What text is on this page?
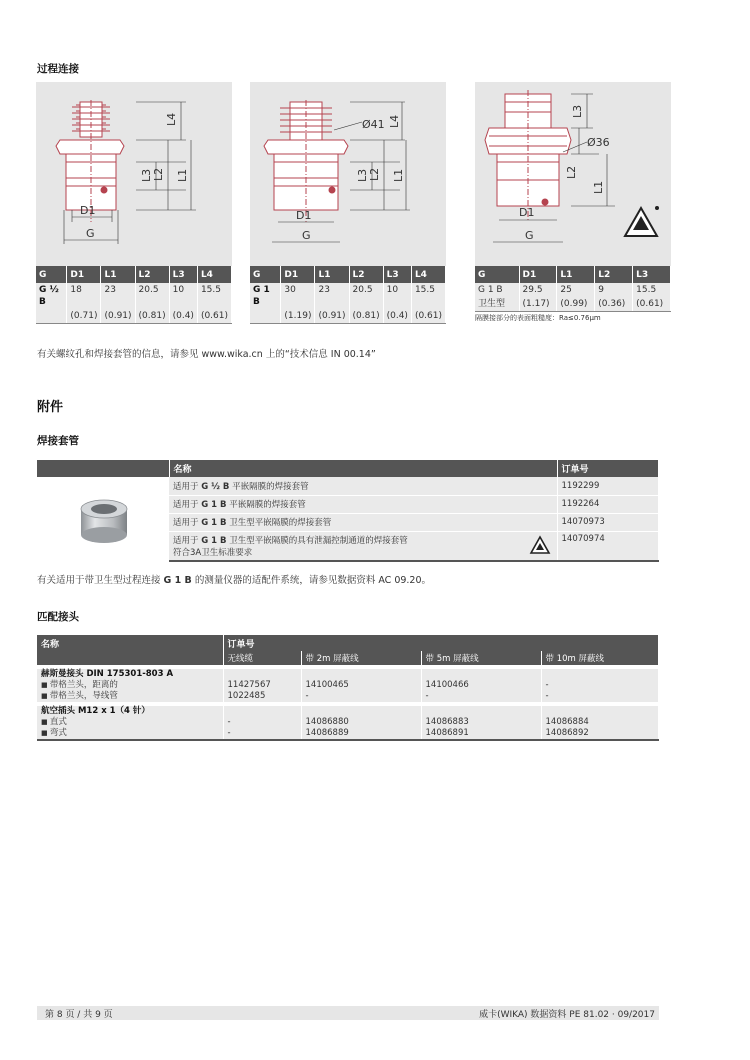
过程连接
L4
L2 L1
L3
D1
G
G	D1	L1	L2	L3	L4
G ½ B	18	23	20.5	10	15.5
	(0.71)	(0.91)	(0.81)	(0.4)	(0.61)
Ø41 L4
L2 L1
L3
D1
G
G	D1	L1	L2	L3	L4
G 1 B	30	23	20.5	10	15.5
	(1.19)	(0.91)	(0.81)	(0.4)	(0.61)
L3
Ø36
L2
L1
D1
G
G	D1	L1	L2	L3
G 1 B	29.5	25	9	15.5
卫生型	(1.17)	(0.99)	(0.36)	(0.61)
隔膜接部分的表面粗糙度：Ra≤0.76μm
有关螺纹孔和焊接套管的信息，请参见 www.wika.cn 上的“技术信息 IN 00.14”
附件
焊接套管
	名称	订单号
	适用于 G ½ B 平嵌隔膜的焊接套管	1192299
	适用于 G 1 B 平嵌隔膜的焊接套管	1192264
	适用于 G 1 B 卫生型平嵌隔膜的焊接套管	14070973

	适用于 G 1 B 卫生型平嵌隔膜的具有泄漏控制通道的焊接套管
符合3A卫生标准要求	14070974
有关适用于带卫生型过程连接 G 1 B 的测量仪器的适配件系统，请参见数据资料 AC 09.20。
匹配接头
名称	订单号			
	无线缆	带 2m 屏蔽线	带 5m 屏蔽线	带 10m 屏蔽线
赫斯曼接头 DIN 175301-803 A				
■ 带格兰头，距离的	11427567	14100465	14100466	-
■ 带格兰头，导线管	1022485	-	-	-
航空插头 M12 x 1（4 针）				
■ 直式	-	14086880	14086883	14086884
■ 弯式	-	14086889	14086891	14086892
第 8 页 / 共 9 页	威卡(WIKA) 数据资料 PE 81.02 · 09/2017
